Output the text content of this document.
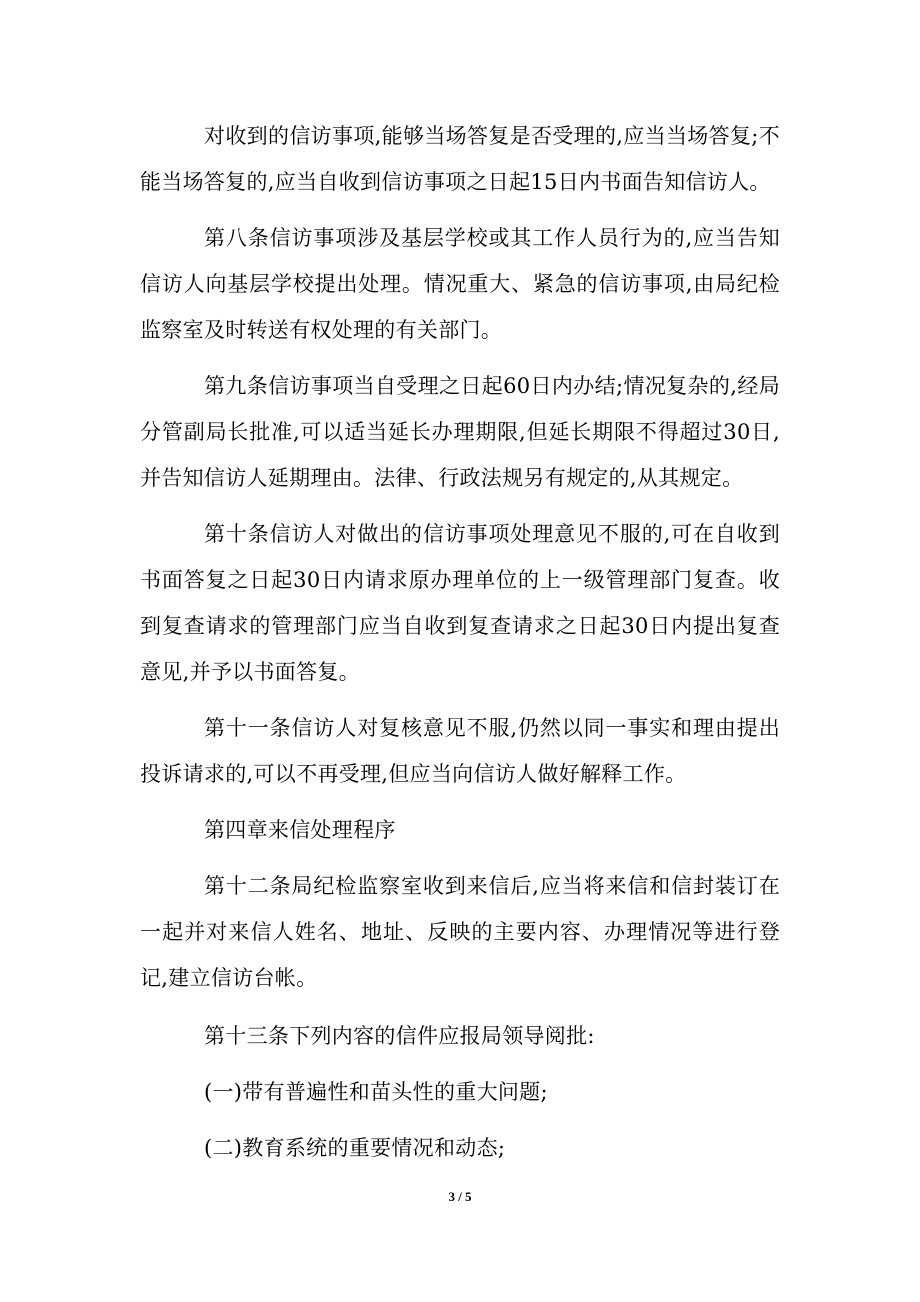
对收到的信访事项,能够当场答复是否受理的,应当当场答复;不能当场答复的,应当自收到信访事项之日起15日内书面告知信访人。

第八条信访事项涉及基层学校或其工作人员行为的,应当告知信访人向基层学校提出处理。情况重大、紧急的信访事项,由局纪检监察室及时转送有权处理的有关部门。

第九条信访事项当自受理之日起60日内办结;情况复杂的,经局分管副局长批准,可以适当延长办理期限,但延长期限不得超过30日,并告知信访人延期理由。法律、行政法规另有规定的,从其规定。

第十条信访人对做出的信访事项处理意见不服的,可在自收到书面答复之日起30日内请求原办理单位的上一级管理部门复查。收到复查请求的管理部门应当自收到复查请求之日起30日内提出复查意见,并予以书面答复。

第十一条信访人对复核意见不服,仍然以同一事实和理由提出投诉请求的,可以不再受理,但应当向信访人做好解释工作。

第四章来信处理程序

第十二条局纪检监察室收到来信后,应当将来信和信封装订在一起并对来信人姓名、地址、反映的主要内容、办理情况等进行登记,建立信访台帐。

第十三条下列内容的信件应报局领导阅批:

(一)带有普遍性和苗头性的重大问题;

(二)教育系统的重要情况和动态;

3 / 5
